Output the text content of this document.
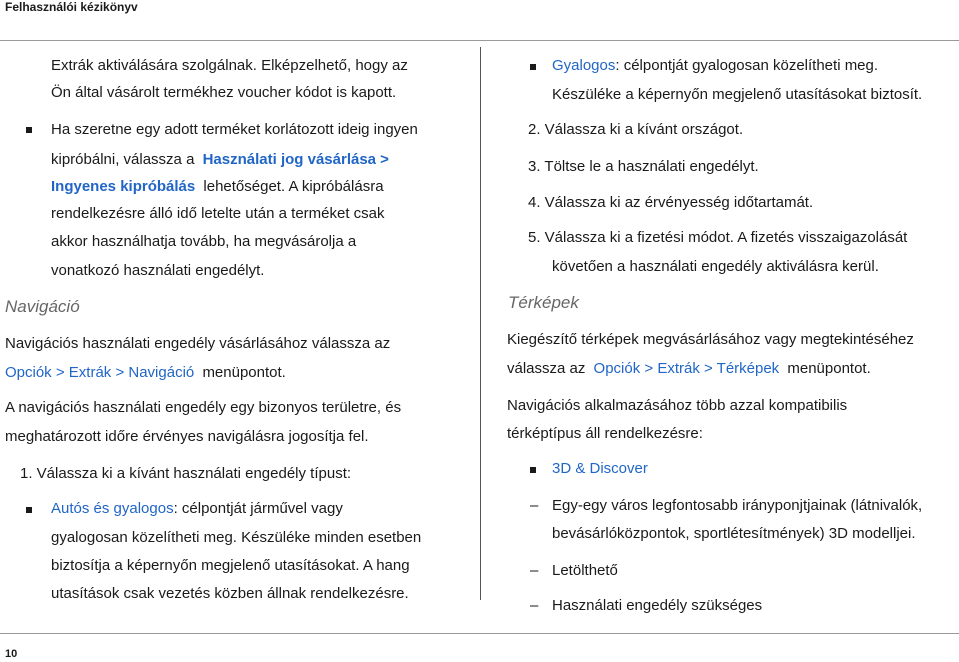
Felhasználói kézikönyv
Extrák aktiválására szolgálnak. Elképzelhető, hogy az
Ön által vásárolt termékhez voucher kódot is kapott.
Ha szeretne egy adott terméket korlátozott ideig ingyen
kipróbálni, válassza a Használati jog vásárlása >
Ingyenes kipróbálás lehetőséget. A kipróbálásra
rendelkezésre álló idő letelte után a terméket csak
akkor használhatja tovább, ha megvásárolja a
vonatkozó használati engedélyt.
Navigáció
Navigációs használati engedély vásárlásához válassza az
Opciók > Extrák > Navigáció menüpontot.
A navigációs használati engedély egy bizonyos területre, és
meghatározott időre érvényes navigálásra jogosítja fel.
1. Válassza ki a kívánt használati engedély típust:
Autós és gyalogos: célpontját járművel vagy
gyalogosan közelítheti meg. Készüléke minden esetben
biztosítja a képernyőn megjelenő utasításokat. A hang
utasítások csak vezetés közben állnak rendelkezésre.
Gyalogos: célpontját gyalogosan közelítheti meg.
Készüléke a képernyőn megjelenő utasításokat biztosít.
2. Válassza ki a kívánt országot.
3. Töltse le a használati engedélyt.
4. Válassza ki az érvényesség időtartamát.
5. Válassza ki a fizetési módot. A fizetés visszaigazolását
követően a használati engedély aktiválásra kerül.
Térképek
Kiegészítő térképek megvásárlásához vagy megtekintéséhez
válassza az Opciók > Extrák > Térképek menüpontot.
Navigációs alkalmazásához több azzal kompatibilis
térképtípus áll rendelkezésre:
3D & Discover
– Egy-egy város legfontosabb irányponjtjainak (látnivalók,
bevásárlóközpontok, sportlétesítmények) 3D modelljei.
– Letölthető
– Használati engedély szükséges
10
